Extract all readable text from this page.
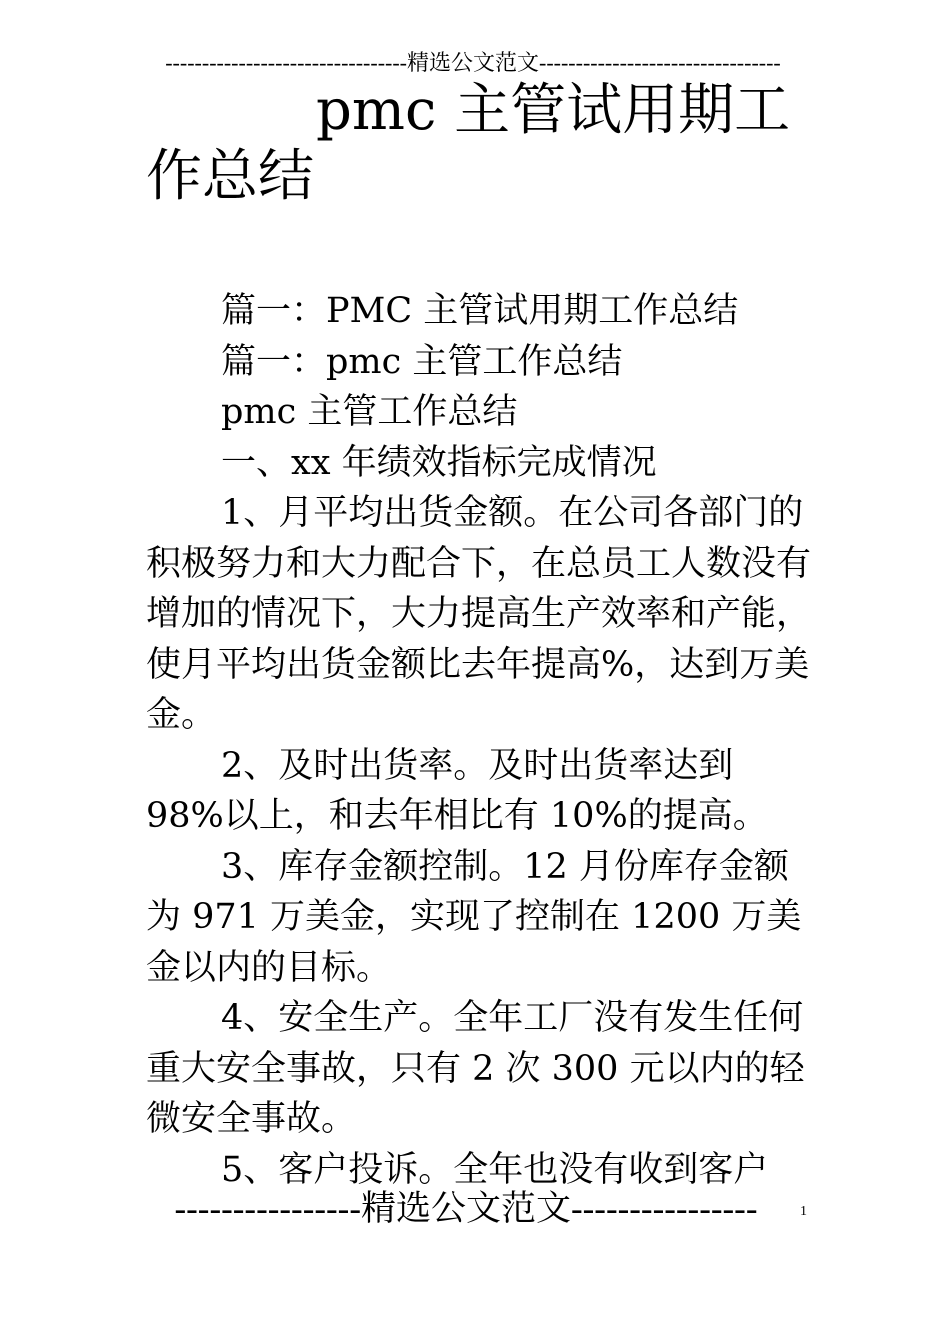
---------------------------------精选公文范文---------------------------------
pmc 主管试用期工
作总结

篇一：PMC 主管试用期工作总结

篇一：pmc 主管工作总结

pmc 主管工作总结

一、xx 年绩效指标完成情况

1、月平均出货金额。在公司各部门的积极努力和大力配合下，在总员工人数没有增加的情况下，大力提高生产效率和产能，使月平均出货金额比去年提高%，达到万美金。

2、及时出货率。及时出货率达到 98%以上，和去年相比有 10%的提高。

3、库存金额控制。12 月份库存金额为 971 万美金，实现了控制在 1200 万美金以内的目标。

4、安全生产。全年工厂没有发生任何重大安全事故，只有 2 次 300 元以内的轻微安全事故。

5、客户投诉。全年也没有收到客户

----------------精选公文范文----------------	1
